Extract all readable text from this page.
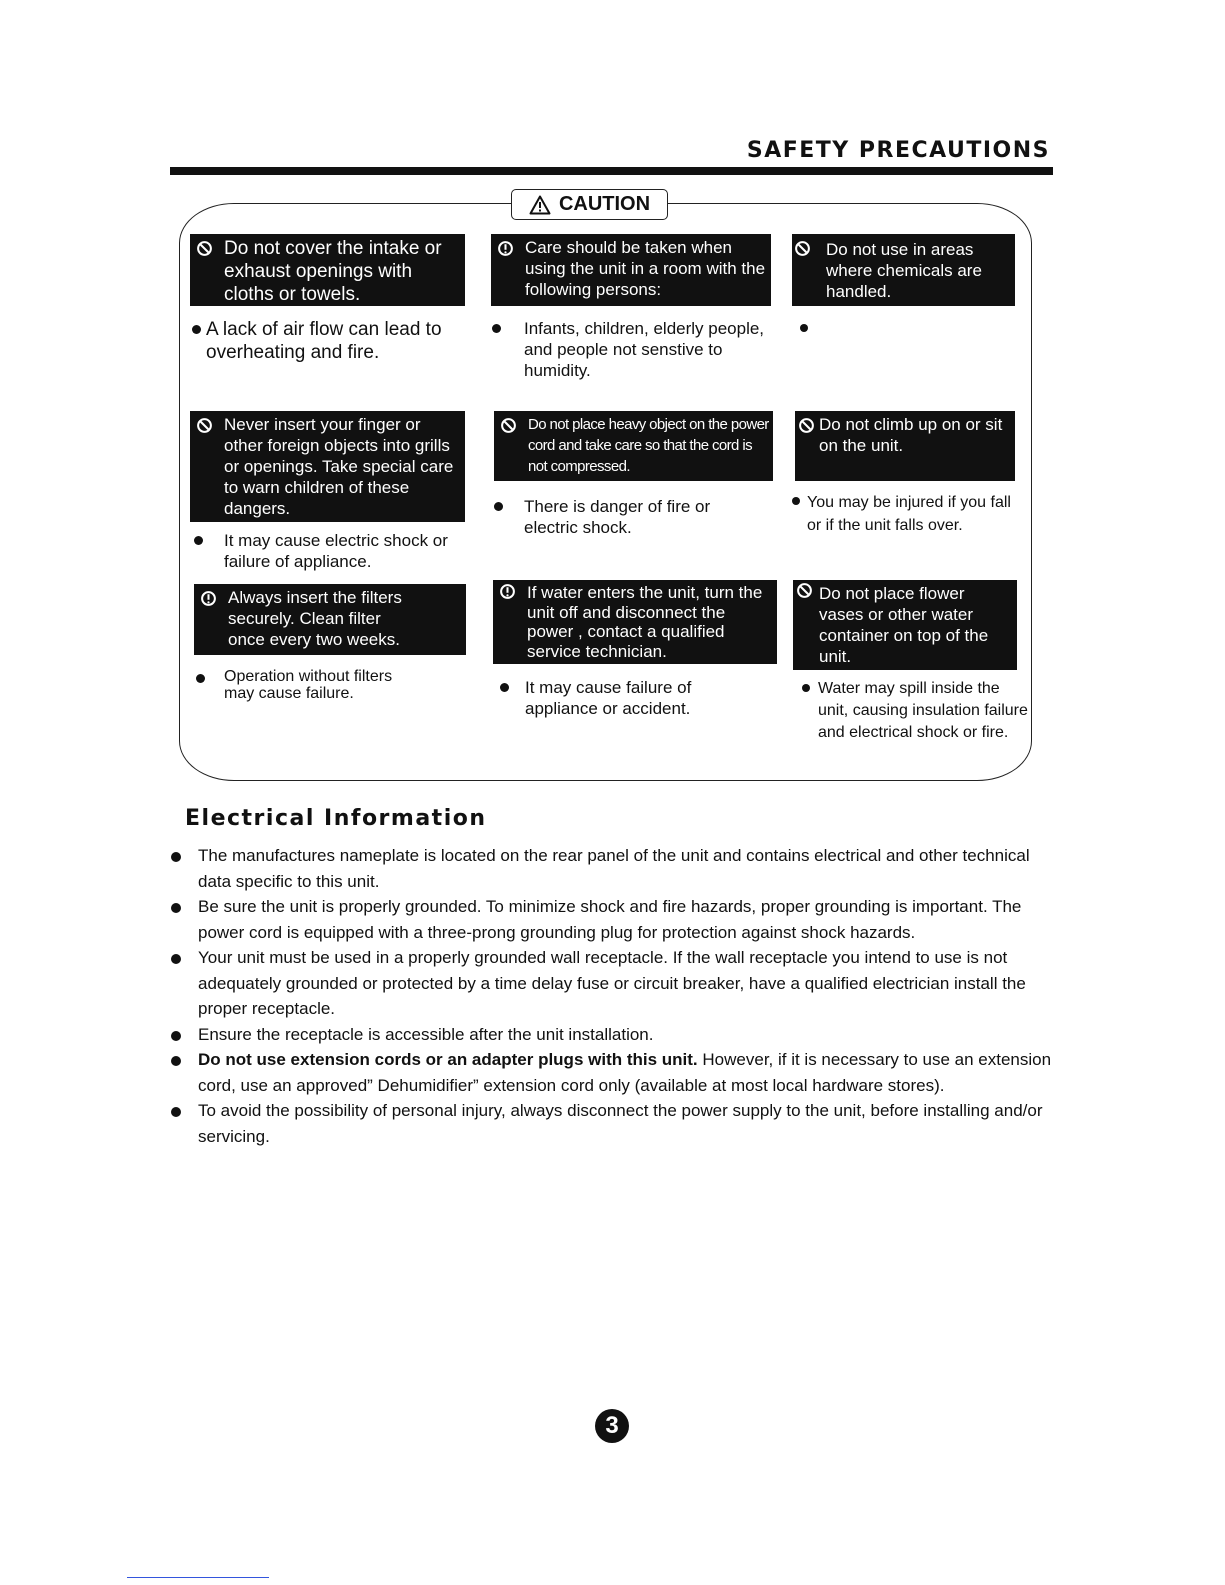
SAFETY PRECAUTIONS
CAUTION
Do not cover the intake or exhaust openings with cloths or towels.
A lack of air flow can lead to overheating and fire.
Care should be taken when using the unit in a room with the following persons:
Infants, children, elderly people, and people not senstive to humidity.
Do not use in areas where chemicals are handled.
Never insert your finger or other foreign objects into grills or openings. Take special care to warn children of these dangers.
It may cause electric shock or failure of appliance.
Do not place heavy object on the power cord and take care so that the cord is not compressed.
There is danger of fire or electric shock.
Do not climb up on or sit on the unit.
You may be injured if you fall or if the unit falls over.
Always insert the filters securely. Clean filter once every two weeks.
Operation without filters may cause failure.
If water enters the unit, turn the unit off and disconnect the power , contact a qualified service technician.
It may cause failure of appliance or accident.
Do not place flower vases or other water container on top of the unit.
Water may spill inside the unit, causing insulation failure and electrical shock or fire.
Electrical Information
The manufactures nameplate is located on the rear panel of the unit and contains electrical and other technical data specific to this unit.
Be sure the unit is properly grounded. To minimize shock and fire hazards, proper grounding is important. The power cord is equipped with a three-prong grounding plug for protection against shock hazards.
Your unit must be used in a properly grounded wall receptacle. If the wall receptacle you intend to use is not adequately grounded or protected by a time delay fuse or circuit breaker, have a qualified electrician install the proper receptacle.
Ensure the receptacle is accessible after the unit installation.
Do not use extension cords or an adapter plugs with this unit. However, if it is necessary to use an extension cord, use an approved” Dehumidifier” extension cord only (available at most local hardware stores).
To avoid the possibility of personal injury, always disconnect the power supply to the unit, before installing and/or servicing.
3
